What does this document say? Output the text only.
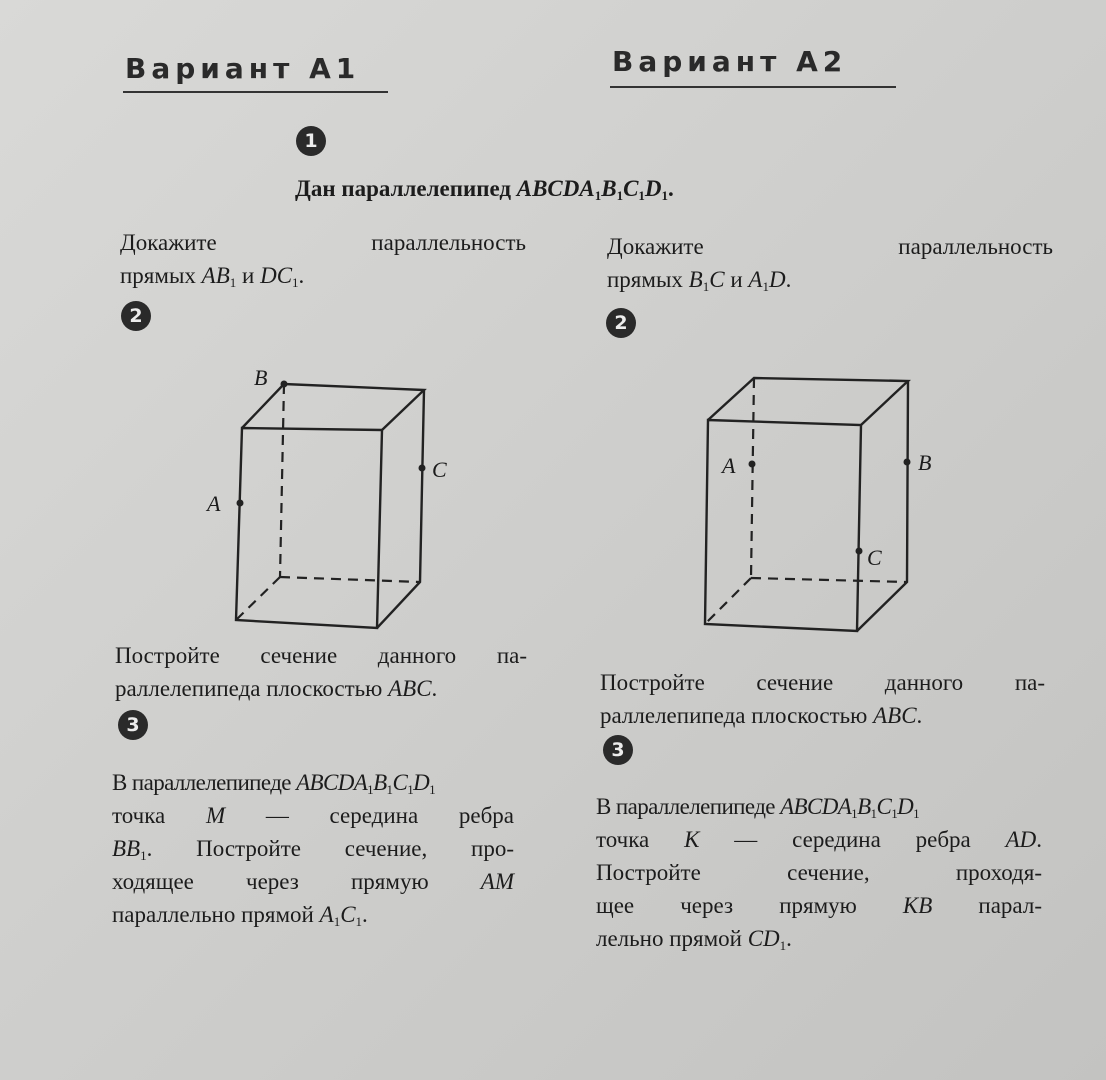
Вариант А1	Вариант А2
1
Дан параллелепипед $ABCDA_1B_1C_1D_1$.
Докажите параллельность
прямых $AB_1$ и $DC_1$.
Докажите параллельность
прямых $B_1C$ и $A_1D$.
2	2
B
A
C	A	B
C
Постройте сечение данного па-
раллелепипеда плоскостью ABC.
3
Постройте сечение данного па-
раллелепипеда плоскостью ABC.
3
В параллелепипеде $ABCDA_1B_1C_1D_1$
точка M — середина ребра
$BB_1$. Постройте сечение, про-
ходящее через прямую AM
параллельно прямой $A_1C_1$.
В параллелепипеде $ABCDA_1B_1C_1D_1$
точка K — середина ребра AD.
Постройте сечение, проходя-
щее через прямую KB парал-
лельно прямой $CD_1$.
